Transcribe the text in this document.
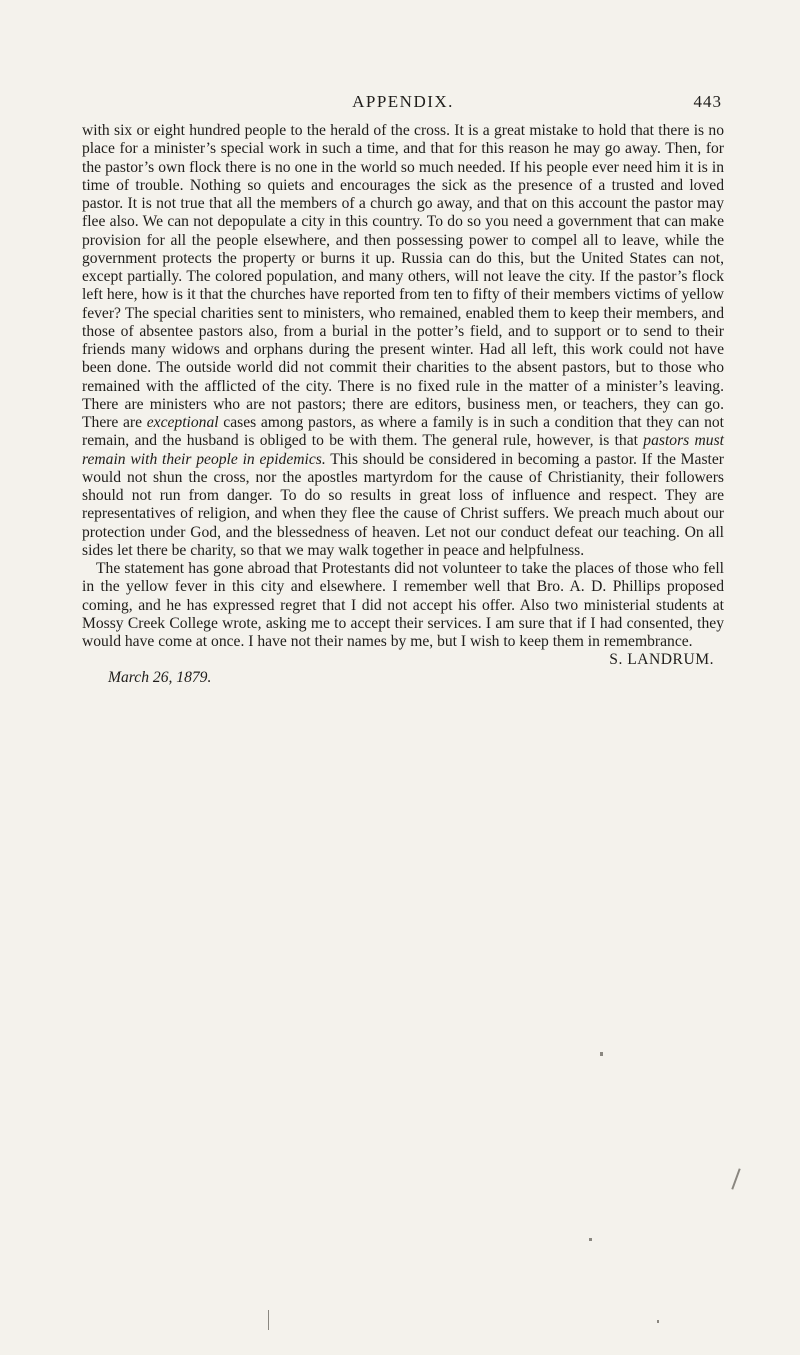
APPENDIX.	443

with six or eight hundred people to the herald of the cross. It is a great mistake to hold that there is no place for a minister’s special work in such a time, and that for this reason he may go away. Then, for the pastor’s own flock there is no one in the world so much needed. If his people ever need him it is in time of trouble. Nothing so quiets and encourages the sick as the presence of a trusted and loved pastor. It is not true that all the members of a church go away, and that on this account the pastor may flee also. We can not depopulate a city in this country. To do so you need a government that can make provision for all the people elsewhere, and then possessing power to compel all to leave, while the government protects the property or burns it up. Russia can do this, but the United States can not, except partially. The colored population, and many others, will not leave the city. If the pastor’s flock left here, how is it that the churches have reported from ten to fifty of their members victims of yellow fever? The special charities sent to ministers, who remained, enabled them to keep their members, and those of absentee pastors also, from a burial in the potter’s field, and to support or to send to their friends many widows and orphans during the present winter. Had all left, this work could not have been done. The outside world did not commit their charities to the absent pastors, but to those who remained with the afflicted of the city. There is no fixed rule in the matter of a minister’s leaving. There are ministers who are not pastors; there are editors, business men, or teachers, they can go. There are exceptional cases among pastors, as where a family is in such a condition that they can not remain, and the husband is obliged to be with them. The general rule, however, is that pastors must remain with their people in epidemics. This should be considered in becoming a pastor. If the Master would not shun the cross, nor the apostles martyrdom for the cause of Christianity, their followers should not run from danger. To do so results in great loss of influence and respect. They are representatives of religion, and when they flee the cause of Christ suffers. We preach much about our protection under God, and the blessedness of heaven. Let not our conduct defeat our teaching. On all sides let there be charity, so that we may walk together in peace and helpfulness.

The statement has gone abroad that Protestants did not volunteer to take the places of those who fell in the yellow fever in this city and elsewhere. I remember well that Bro. A. D. Phillips proposed coming, and he has expressed regret that I did not accept his offer. Also two ministerial students at Mossy Creek College wrote, asking me to accept their services. I am sure that if I had consented, they would have come at once. I have not their names by me, but I wish to keep them in remembrance.

S. LANDRUM.
March 26, 1879.
